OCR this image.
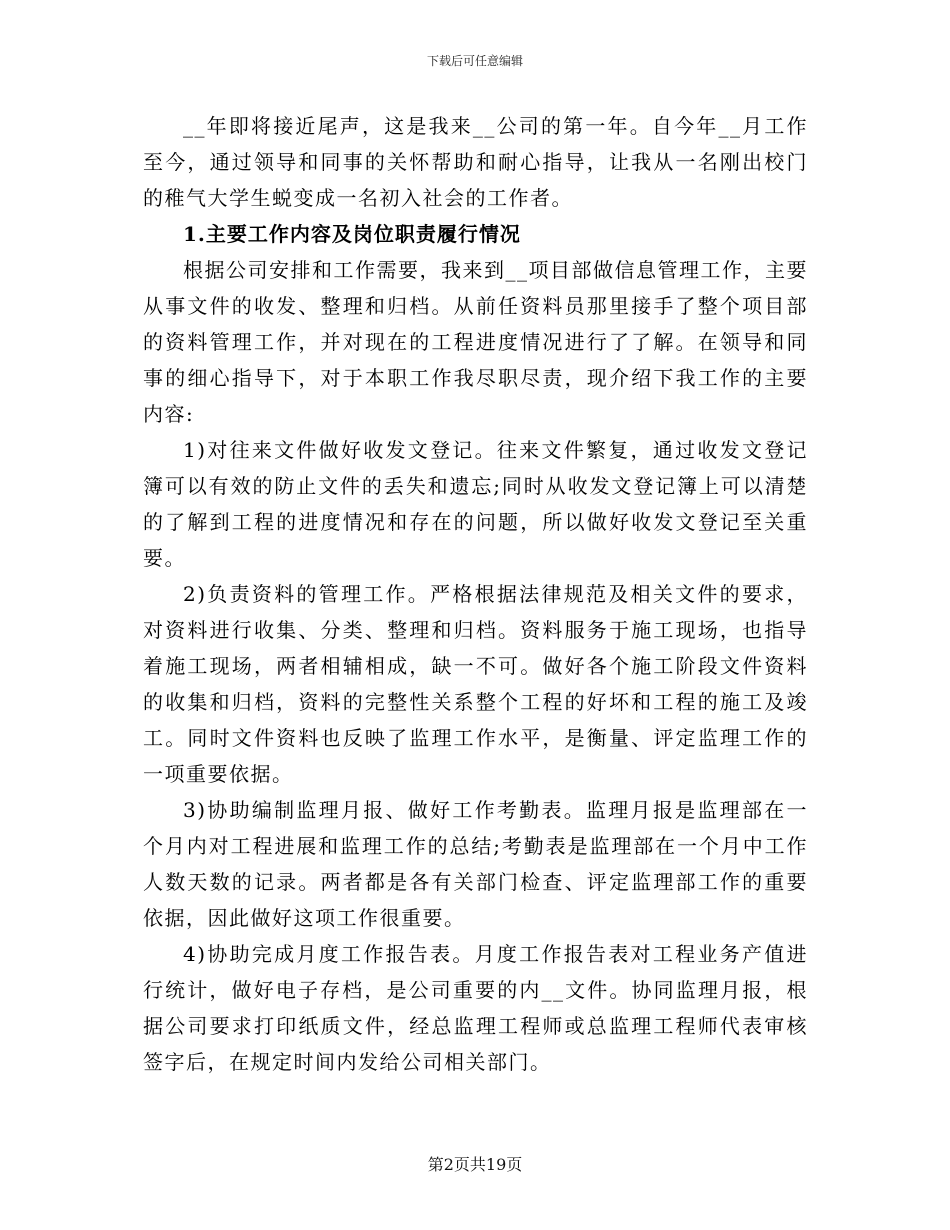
下载后可任意编辑

__年即将接近尾声，这是我来__公司的第一年。自今年__月工作至今，通过领导和同事的关怀帮助和耐心指导，让我从一名刚出校门的稚气大学生蜕变成一名初入社会的工作者。

1.主要工作内容及岗位职责履行情况

根据公司安排和工作需要，我来到__项目部做信息管理工作，主要从事文件的收发、整理和归档。从前任资料员那里接手了整个项目部的资料管理工作，并对现在的工程进度情况进行了了解。在领导和同事的细心指导下，对于本职工作我尽职尽责，现介绍下我工作的主要内容:

1)对往来文件做好收发文登记。往来文件繁复，通过收发文登记簿可以有效的防止文件的丢失和遗忘;同时从收发文登记簿上可以清楚的了解到工程的进度情况和存在的问题，所以做好收发文登记至关重要。

2)负责资料的管理工作。严格根据法律规范及相关文件的要求，对资料进行收集、分类、整理和归档。资料服务于施工现场，也指导着施工现场，两者相辅相成，缺一不可。做好各个施工阶段文件资料的收集和归档，资料的完整性关系整个工程的好坏和工程的施工及竣工。同时文件资料也反映了监理工作水平，是衡量、评定监理工作的一项重要依据。

3)协助编制监理月报、做好工作考勤表。监理月报是监理部在一个月内对工程进展和监理工作的总结;考勤表是监理部在一个月中工作人数天数的记录。两者都是各有关部门检查、评定监理部工作的重要依据，因此做好这项工作很重要。

4)协助完成月度工作报告表。月度工作报告表对工程业务产值进行统计，做好电子存档，是公司重要的内__文件。协同监理月报，根据公司要求打印纸质文件，经总监理工程师或总监理工程师代表审核签字后，在规定时间内发给公司相关部门。

第2页共19页
